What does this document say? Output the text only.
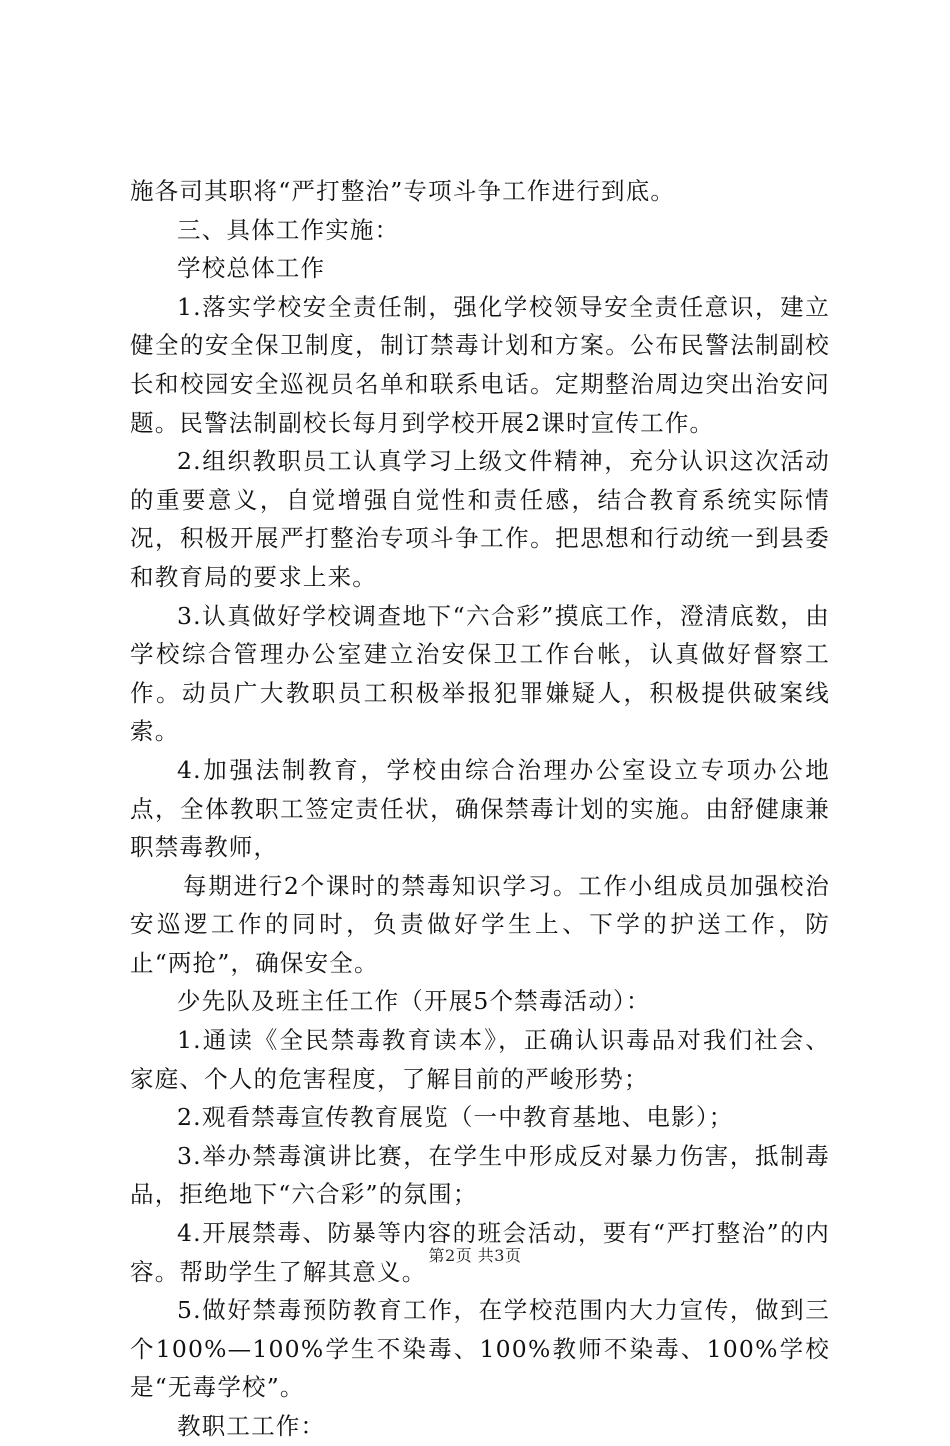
施各司其职将“严打整治”专项斗争工作进行到底。

三、具体工作实施：

学校总体工作

1.落实学校安全责任制，强化学校领导安全责任意识，建立健全的安全保卫制度，制订禁毒计划和方案。公布民警法制副校长和校园安全巡视员名单和联系电话。定期整治周边突出治安问题。民警法制副校长每月到学校开展2课时宣传工作。

2.组织教职员工认真学习上级文件精神，充分认识这次活动的重要意义，自觉增强自觉性和责任感，结合教育系统实际情况，积极开展严打整治专项斗争工作。把思想和行动统一到县委和教育局的要求上来。

3.认真做好学校调查地下“六合彩”摸底工作，澄清底数，由学校综合管理办公室建立治安保卫工作台帐，认真做好督察工作。动员广大教职员工积极举报犯罪嫌疑人，积极提供破案线索。

4.加强法制教育，学校由综合治理办公室设立专项办公地点，全体教职工签定责任状，确保禁毒计划的实施。由舒健康兼职禁毒教师，

每期进行2个课时的禁毒知识学习。工作小组成员加强校治安巡逻工作的同时，负责做好学生上、下学的护送工作，防止“两抢”，确保安全。

少先队及班主任工作（开展5个禁毒活动）：

1.通读《全民禁毒教育读本》，正确认识毒品对我们社会、家庭、个人的危害程度，了解目前的严峻形势；

2.观看禁毒宣传教育展览（一中教育基地、电影）；

3.举办禁毒演讲比赛，在学生中形成反对暴力伤害，抵制毒品，拒绝地下“六合彩”的氛围；

4.开展禁毒、防暴等内容的班会活动，要有“严打整治”的内容。帮助学生了解其意义。

5.做好禁毒预防教育工作，在学校范围内大力宣传，做到三个100%—100%学生不染毒、100%教师不染毒、100%学校是“无毒学校”。

教职工工作：

第2页 共3页
